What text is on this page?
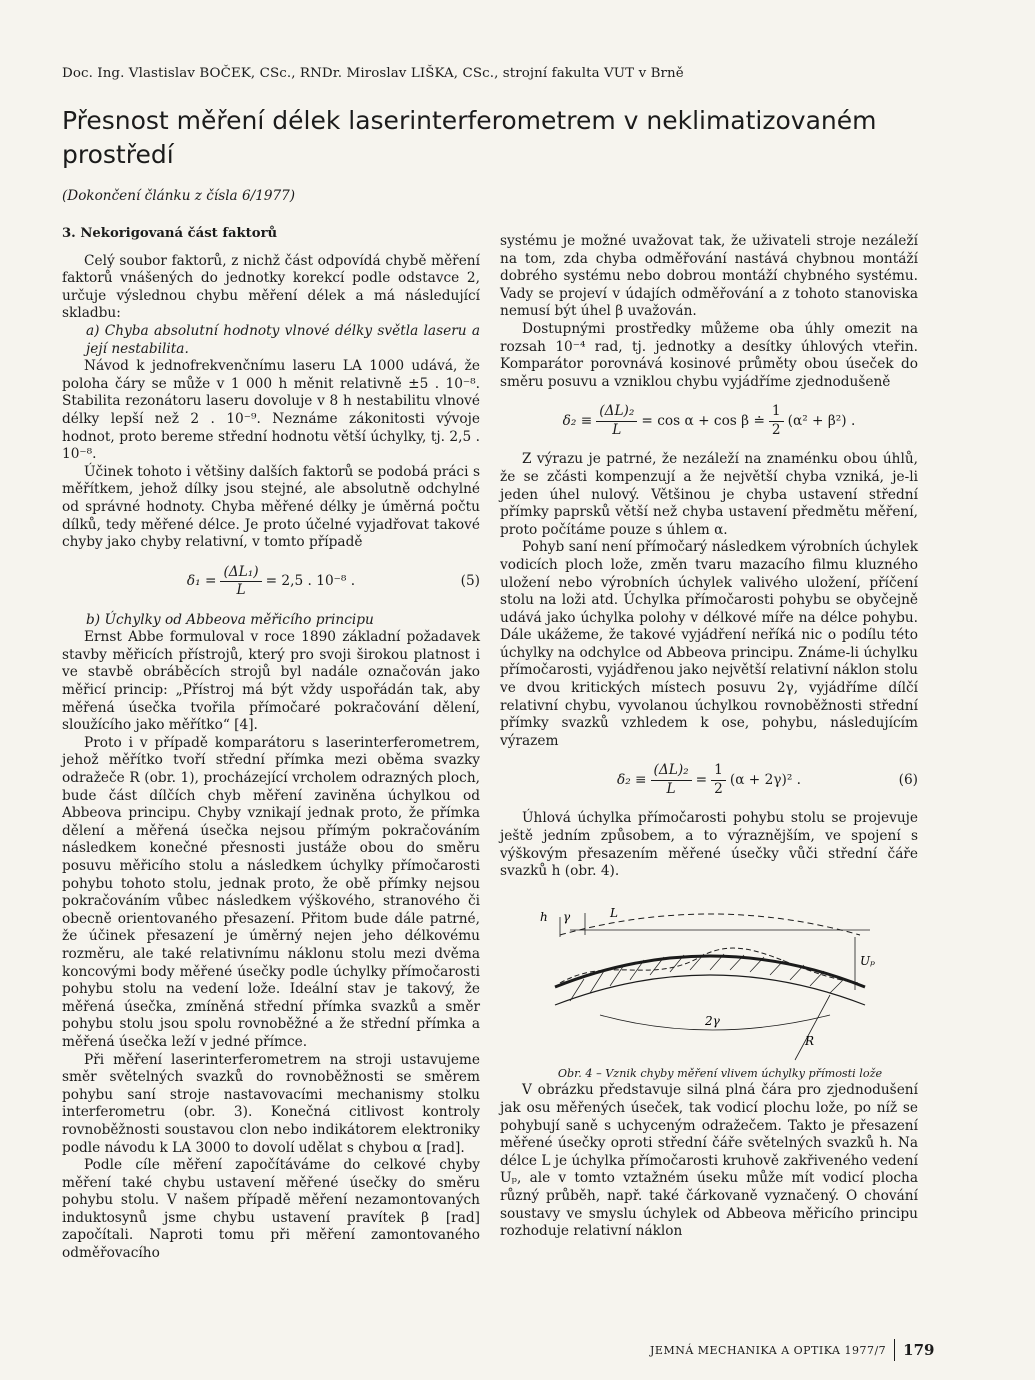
Doc. Ing. Vlastislav BOČEK, CSc., RNDr. Miroslav LIŠKA, CSc., strojní fakulta VUT v Brně
Přesnost měření délek laserinterferometrem v neklimatizovaném prostředí
(Dokončení článku z čísla 6/1977)
3. Nekorigovaná část faktorů

Celý soubor faktorů, z nichž část odpovídá chybě měření faktorů vnášených do jednotky korekcí podle odstavce 2, určuje výslednou chybu měření délek a má následující skladbu:

a) Chyba absolutní hodnoty vlnové délky světla laseru a její nestabilita.

Návod k jednofrekvenčnímu laseru LA 1000 udává, že poloha čáry se může v 1 000 h měnit relativně ±5 . 10⁻⁸. Stabilita rezonátoru laseru dovoluje v 8 h nestabilitu vlnové délky lepší než 2 . 10⁻⁹. Neznáme zákonitosti vývoje hodnot, proto bereme střední hodnotu větší úchylky, tj. 2,5 . 10⁻⁸.

Účinek tohoto i většiny dalších faktorů se podobá práci s měřítkem, jehož dílky jsou stejné, ale absolutně odchylné od správné hodnoty. Chyba měřené délky je úměrná počtu dílků, tedy měřené délce. Je proto účelné vyjadřovat takové chyby jako chyby relativní, v tomto případě

$\delta_1 = \frac{\text{(ΔL₁)}}{L} = 2,5$ . 10⁻⁸ .	(5)

b) Úchylky od Abbeova měřicího principu

Ernst Abbe formuloval v roce 1890 základní požadavek stavby měřicích přístrojů, který pro svoji širokou platnost i ve stavbě obráběcích strojů byl nadále označován jako měřicí princip: „Přístroj má být vždy uspořádán tak, aby měřená úsečka tvořila přímočaré pokračování dělení, sloužícího jako měřítko“ [4].

Proto i v případě komparátoru s laserinterferometrem, jehož měřítko tvoří střední přímka mezi oběma svazky odražeče R (obr. 1), procházející vrcholem odrazných ploch, bude část dílčích chyb měření zaviněna úchylkou od Abbeova principu. Chyby vznikají jednak proto, že přímka dělení a měřená úsečka nejsou přímým pokračováním následkem konečné přesnosti justáže obou do směru posuvu měřicího stolu a následkem úchylky přímočarosti pohybu tohoto stolu, jednak proto, že obě přímky nejsou pokračováním vůbec následkem výškového, stranového či obecně orientovaného přesazení. Přitom bude dále patrné, že účinek přesazení je úměrný nejen jeho délkovému rozměru, ale také relativnímu náklonu stolu mezi dvěma koncovými body měřené úsečky podle úchylky přímočarosti pohybu stolu na vedení lože. Ideální stav je takový, že měřená úsečka, zmíněná střední přímka svazků a směr pohybu stolu jsou spolu rovnoběžné a že střední přímka a měřená úsečka leží v jedné přímce.

Při měření laserinterferometrem na stroji ustavujeme směr světelných svazků do rovnoběžnosti se směrem pohybu saní stroje nastavovacími mechanismy stolku interferometru (obr. 3). Konečná citlivost kontroly rovnoběžnosti soustavou clon nebo indikátorem elektroniky podle návodu k LA 3000 to dovolí udělat s chybou α [rad].

Podle cíle měření započítáváme do celkové chyby měření také chybu ustavení měřené úsečky do směru pohybu stolu. V našem případě měření nezamontovaných induktosynů jsme chybu ustavení pravítek β [rad] započítali. Naproti tomu při měření zamontovaného odměřovacího

systému je možné uvažovat tak, že uživateli stroje nezáleží na tom, zda chyba odměřování nastává chybnou montáží dobrého systému nebo dobrou montáží chybného systému. Vady se projeví v údajích odměřování a z tohoto stanoviska nemusí být úhel β uvažován.

Dostupnými prostředky můžeme oba úhly omezit na rozsah 10⁻⁴ rad, tj. jednotky a desítky úhlových vteřin. Komparátor porovnává kosinové průměty obou úseček do směru posuvu a vzniklou chybu vyjádříme zjednodušeně

$\delta_2 \equiv \frac{\text{(ΔL)₂}}{L} = \cos \alpha + \cos \beta$ ≐ $\frac{1}{2} (\alpha^2 + \beta^2)$ .

Z výrazu je patrné, že nezáleží na znaménku obou úhlů, že se zčásti kompenzují a že největší chyba vzniká, je-li jeden úhel nulový. Většinou je chyba ustavení střední přímky paprsků větší než chyba ustavení předmětu měření, proto počítáme pouze s úhlem α.

Pohyb saní není přímočarý následkem výrobních úchylek vodicích ploch lože, změn tvaru mazacího filmu kluzného uložení nebo výrobních úchylek valivého uložení, příčení stolu na loži atd. Úchylka přímočarosti pohybu se obyčejně udává jako úchylka polohy v délkové míře na délce pohybu. Dále ukážeme, že takové vyjádření neříká nic o podílu této úchylky na odchylce od Abbeova principu. Známe-li úchylku přímočarosti, vyjádřenou jako největší relativní náklon stolu ve dvou kritických místech posuvu 2γ, vyjádříme dílčí relativní chybu, vyvolanou úchylkou rovnoběžnosti střední přímky svazků vzhledem k ose, pohybu, následujícím výrazem

$\delta_2 \equiv \frac{\text{(ΔL)₂}}{L} = \frac{1}{2} (\alpha + 2\gamma)^2$ .	(6)

Úhlová úchylka přímočarosti pohybu stolu se projevuje ještě jedním způsobem, a to výraznějším, ve spojení s výškovým přesazením měřené úsečky vůči střední čáře svazků h (obr. 4).

h γ	L
2γ
Uₚ
R

Obr. 4 – Vznik chyby měření vlivem úchylky přímosti lože

V obrázku představuje silná plná čára pro zjednodušení jak osu měřených úseček, tak vodicí plochu lože, po níž se pohybují saně s uchyceným odražečem. Takto je přesazení měřené úsečky oproti střední čáře světelných svazků h. Na délce L je úchylka přímočarosti kruhově zakřiveného vedení Uₚ, ale v tomto vztažném úseku může mít vodicí plocha různý průběh, např. také čárkovaně vyznačený. O chování soustavy ve smyslu úchylek od Abbeova měřicího principu rozhoduje relativní náklon

JEMNÁ MECHANIKA A OPTIKA 1977/7 179
